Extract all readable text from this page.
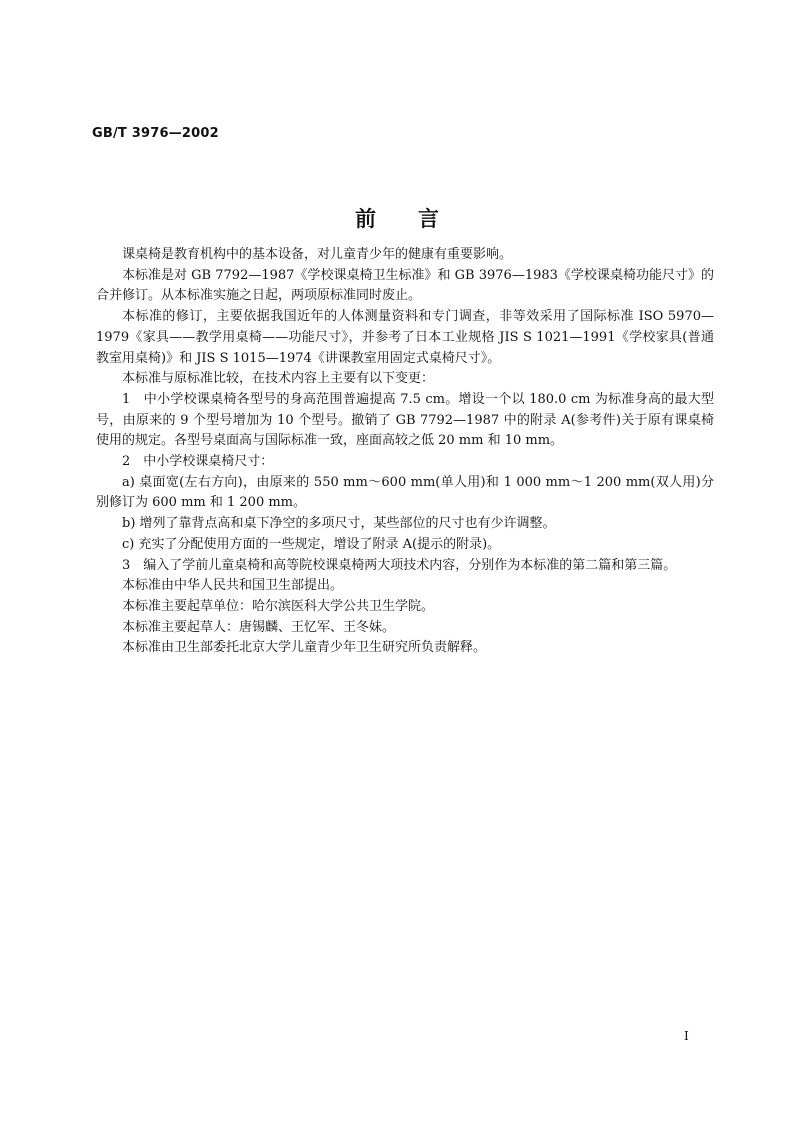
GB/T 3976—2002
前言

课桌椅是教育机构中的基本设备，对儿童青少年的健康有重要影响。

本标准是对 GB 7792—1987《学校课桌椅卫生标准》和 GB 3976—1983《学校课桌椅功能尺寸》的合并修订。从本标准实施之日起，两项原标准同时废止。

本标准的修订，主要依据我国近年的人体测量资料和专门调查，非等效采用了国际标准 ISO 5970—1979《家具——教学用桌椅——功能尺寸》，并参考了日本工业规格 JIS S 1021—1991《学校家具(普通教室用桌椅)》和 JIS S 1015—1974《讲课教室用固定式桌椅尺寸》。

本标准与原标准比较，在技术内容上主要有以下变更：

1　中小学校课桌椅各型号的身高范围普遍提高 7.5 cm。增设一个以 180.0 cm 为标准身高的最大型号，由原来的 9 个型号增加为 10 个型号。撤销了 GB 7792—1987 中的附录 A(参考件)关于原有课桌椅使用的规定。各型号桌面高与国际标准一致，座面高较之低 20 mm 和 10 mm。

2　中小学校课桌椅尺寸：

a) 桌面宽(左右方向)，由原来的 550 mm～600 mm(单人用)和 1 000 mm～1 200 mm(双人用)分别修订为 600 mm 和 1 200 mm。

b) 增列了靠背点高和桌下净空的多项尺寸，某些部位的尺寸也有少许调整。

c) 充实了分配使用方面的一些规定，增设了附录 A(提示的附录)。

3　编入了学前儿童桌椅和高等院校课桌椅两大项技术内容，分别作为本标准的第二篇和第三篇。

本标准由中华人民共和国卫生部提出。

本标准主要起草单位：哈尔滨医科大学公共卫生学院。

本标准主要起草人：唐锡麟、王忆军、王冬妹。

本标准由卫生部委托北京大学儿童青少年卫生研究所负责解释。

I
